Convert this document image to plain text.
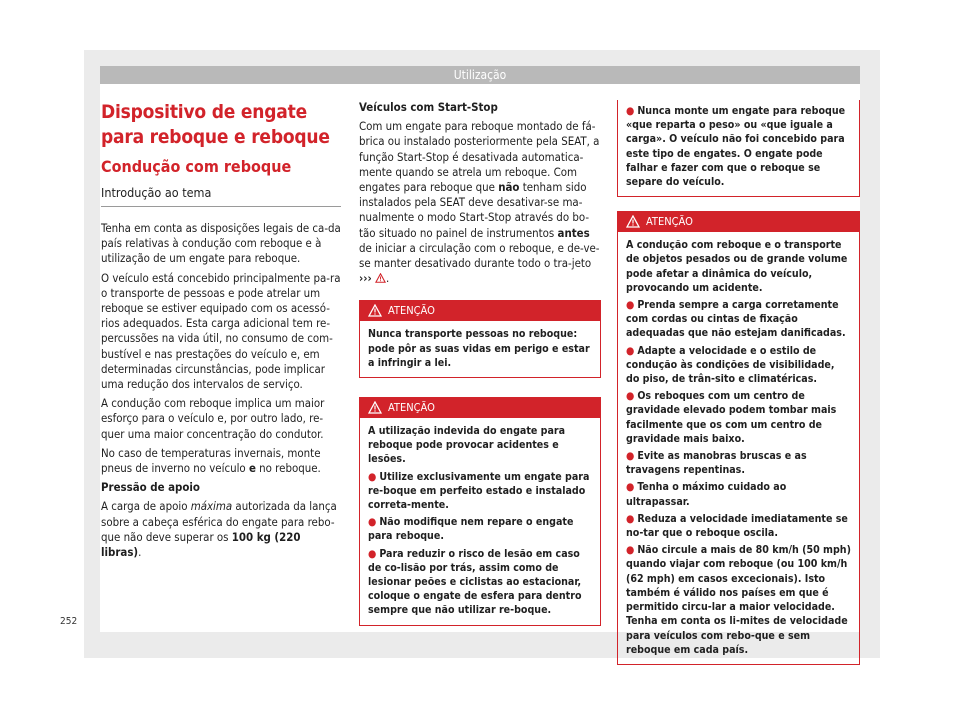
Utilização
Dispositivo de engate para reboque e reboque
Condução com reboque
Introdução ao tema

Tenha em conta as disposições legais de ca-da país relativas à condução com reboque e à utilização de um engate para reboque.

O veículo está concebido principalmente pa-ra o transporte de pessoas e pode atrelar um reboque se estiver equipado com os acessó-rios adequados. Esta carga adicional tem re-percussões na vida útil, no consumo de com-bustível e nas prestações do veículo e, em determinadas circunstâncias, pode implicar uma redução dos intervalos de serviço.

A condução com reboque implica um maior esforço para o veículo e, por outro lado, re-quer uma maior concentração do condutor.

No caso de temperaturas invernais, monte pneus de inverno no veículo e no reboque.

Pressão de apoio

A carga de apoio máxima autorizada da lança sobre a cabeça esférica do engate para rebo-que não deve superar os 100 kg (220 libras).

Veículos com Start-Stop

Com um engate para reboque montado de fá-brica ou instalado posteriormente pela SEAT, a função Start-Stop é desativada automatica-mente quando se atrela um reboque. Com engates para reboque que não tenham sido instalados pela SEAT deve desativar-se ma-nualmente o modo Start-Stop através do bo-tão situado no painel de instrumentos antes de iniciar a circulação com o reboque, e de-ve-se manter desativado durante todo o tra-jeto ››› .

ATENÇÃO
Nunca transporte pessoas no reboque: pode pôr as suas vidas em perigo e estar a infringir a lei.
ATENÇÃO
A utilização indevida do engate para reboque pode provocar acidentes e lesões.
● Utilize exclusivamente um engate para re-boque em perfeito estado e instalado correta-mente.
● Não modifique nem repare o engate para reboque.
● Para reduzir o risco de lesão em caso de co-lisão por trás, assim como de lesionar peões e ciclistas ao estacionar, coloque o engate de esfera para dentro sempre que não utilizar re-boque.
● Nunca monte um engate para reboque «que reparta o peso» ou «que iguale a carga». O veículo não foi concebido para este tipo de engates. O engate pode falhar e fazer com que o reboque se separe do veículo.
ATENÇÃO
A condução com reboque e o transporte de objetos pesados ou de grande volume pode afetar a dinâmica do veículo, provocando um acidente.
● Prenda sempre a carga corretamente com cordas ou cintas de fixação adequadas que não estejam danificadas.
● Adapte a velocidade e o estilo de condução às condições de visibilidade, do piso, de trân-sito e climatéricas.
● Os reboques com um centro de gravidade elevado podem tombar mais facilmente que os com um centro de gravidade mais baixo.
● Evite as manobras bruscas e as travagens repentinas.
● Tenha o máximo cuidado ao ultrapassar.
● Reduza a velocidade imediatamente se no-tar que o reboque oscila.
● Não circule a mais de 80 km/h (50 mph) quando viajar com reboque (ou 100 km/h (62 mph) em casos excecionais). Isto também é válido nos países em que é permitido circu-lar a maior velocidade. Tenha em conta os li-mites de velocidade para veículos com rebo-que e sem reboque em cada país.
252
